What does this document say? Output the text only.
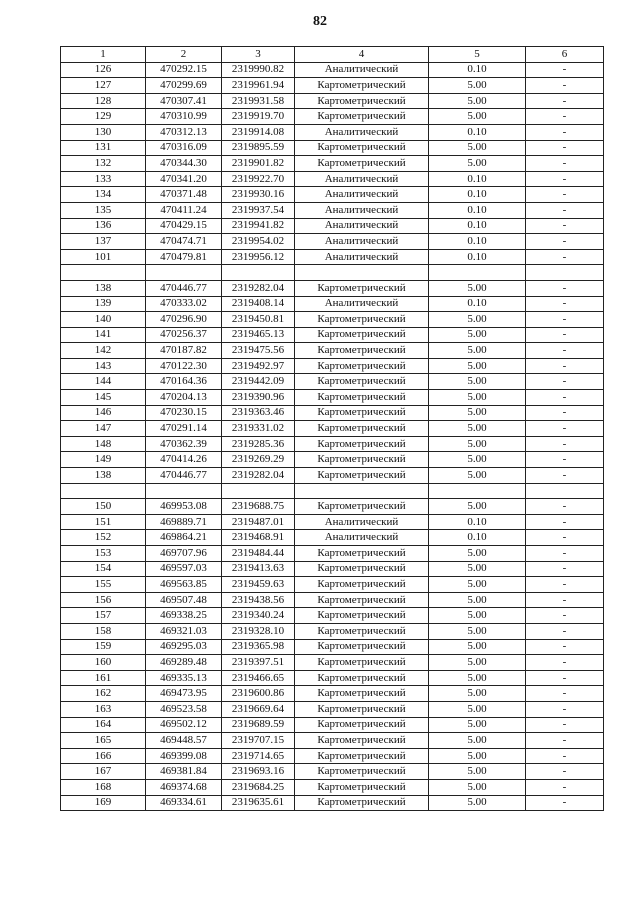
82
1	2	3	4	5	6
126	470292.15	2319990.82	Аналитический	0.10	-
127	470299.69	2319961.94	Картометрический	5.00	-
128	470307.41	2319931.58	Картометрический	5.00	-
129	470310.99	2319919.70	Картометрический	5.00	-
130	470312.13	2319914.08	Аналитический	0.10	-
131	470316.09	2319895.59	Картометрический	5.00	-
132	470344.30	2319901.82	Картометрический	5.00	-
133	470341.20	2319922.70	Аналитический	0.10	-
134	470371.48	2319930.16	Аналитический	0.10	-
135	470411.24	2319937.54	Аналитический	0.10	-
136	470429.15	2319941.82	Аналитический	0.10	-
137	470474.71	2319954.02	Аналитический	0.10	-
101	470479.81	2319956.12	Аналитический	0.10	-

138	470446.77	2319282.04	Картометрический	5.00	-
139	470333.02	2319408.14	Аналитический	0.10	-
140	470296.90	2319450.81	Картометрический	5.00	-
141	470256.37	2319465.13	Картометрический	5.00	-
142	470187.82	2319475.56	Картометрический	5.00	-
143	470122.30	2319492.97	Картометрический	5.00	-
144	470164.36	2319442.09	Картометрический	5.00	-
145	470204.13	2319390.96	Картометрический	5.00	-
146	470230.15	2319363.46	Картометрический	5.00	-
147	470291.14	2319331.02	Картометрический	5.00	-
148	470362.39	2319285.36	Картометрический	5.00	-
149	470414.26	2319269.29	Картометрический	5.00	-
138	470446.77	2319282.04	Картометрический	5.00	-

150	469953.08	2319688.75	Картометрический	5.00	-
151	469889.71	2319487.01	Аналитический	0.10	-
152	469864.21	2319468.91	Аналитический	0.10	-
153	469707.96	2319484.44	Картометрический	5.00	-
154	469597.03	2319413.63	Картометрический	5.00	-
155	469563.85	2319459.63	Картометрический	5.00	-
156	469507.48	2319438.56	Картометрический	5.00	-
157	469338.25	2319340.24	Картометрический	5.00	-
158	469321.03	2319328.10	Картометрический	5.00	-
159	469295.03	2319365.98	Картометрический	5.00	-
160	469289.48	2319397.51	Картометрический	5.00	-
161	469335.13	2319466.65	Картометрический	5.00	-
162	469473.95	2319600.86	Картометрический	5.00	-
163	469523.58	2319669.64	Картометрический	5.00	-
164	469502.12	2319689.59	Картометрический	5.00	-
165	469448.57	2319707.15	Картометрический	5.00	-
166	469399.08	2319714.65	Картометрический	5.00	-
167	469381.84	2319693.16	Картометрический	5.00	-
168	469374.68	2319684.25	Картометрический	5.00	-
169	469334.61	2319635.61	Картометрический	5.00	-
